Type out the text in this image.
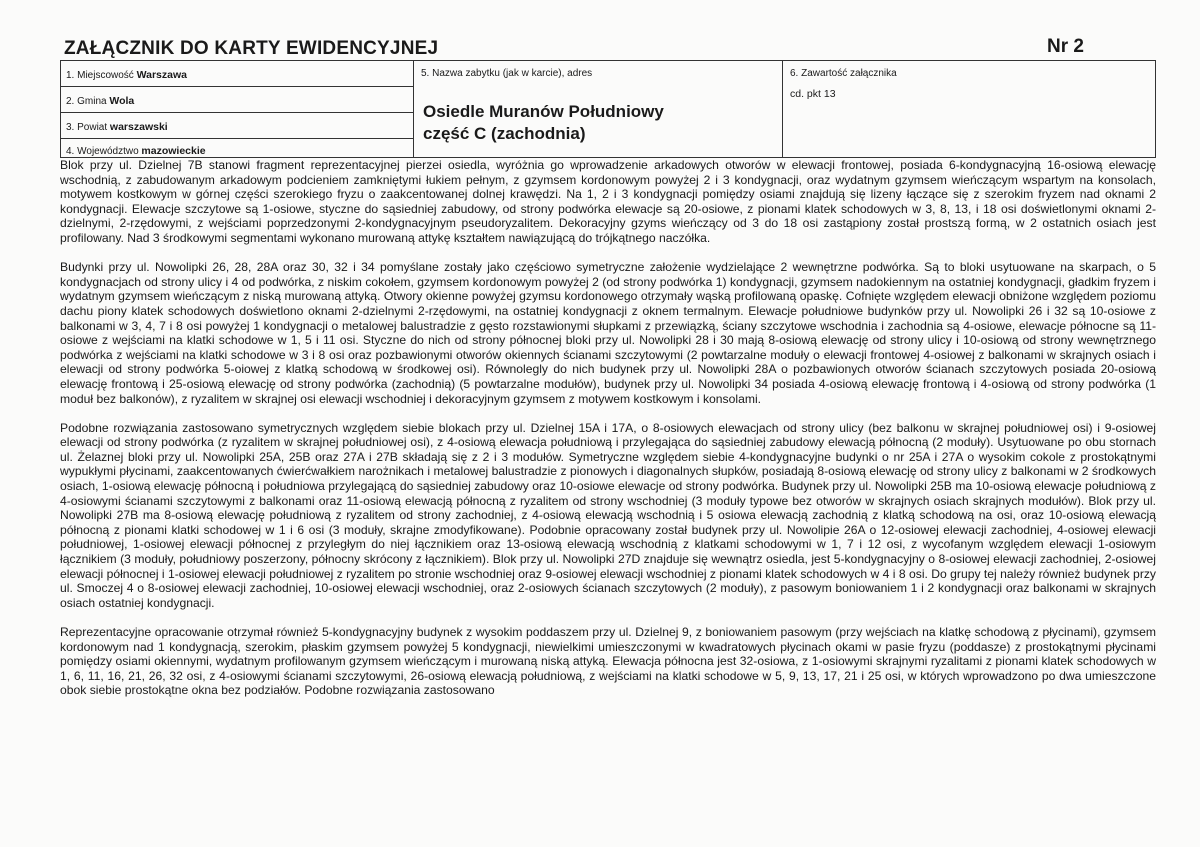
ZAŁĄCZNIK DO KARTY EWIDENCYJNEJ	Nr 2
1. Miejscowość Warszawa
2. Gmina Wola
3. Powiat warszawski
4. Województwo mazowieckie
5. Nazwa zabytku (jak w karcie), adres
Osiedle Muranów Południowy
część C (zachodnia)
6. Zawartość załącznika
cd. pkt 13

Blok przy ul. Dzielnej 7B stanowi fragment reprezentacyjnej pierzei osiedla, wyróżnia go wprowadzenie arkadowych otworów w elewacji frontowej, posiada 6-kondygnacyjną 16-osiową elewację wschodnią, z zabudowanym arkadowym podcieniem zamkniętymi łukiem pełnym, z gzymsem kordonowym powyżej 2 i 3 kondygnacji, oraz wydatnym gzymsem wieńczącym wspartym na konsolach, motywem kostkowym w górnej części szerokiego fryzu o zaakcentowanej dolnej krawędzi. Na 1, 2 i 3 kondygnacji pomiędzy osiami znajdują się lizeny łączące się z szerokim fryzem nad oknami 2 kondygnacji. Elewacje szczytowe są 1-osiowe, styczne do sąsiedniej zabudowy, od strony podwórka elewacje są 20-osiowe, z pionami klatek schodowych w 3, 8, 13, i 18 osi doświetlonymi oknami 2-dzielnymi, 2-rzędowymi, z wejściami poprzedzonymi 2-kondygnacyjnym pseudoryzalitem. Dekoracyjny gzyms wieńczący od 3 do 18 osi zastąpiony został prostszą formą, w 2 ostatnich osiach jest profilowany. Nad 3 środkowymi segmentami wykonano murowaną attykę kształtem nawiązującą do trójkątnego naczółka.

Budynki przy ul. Nowolipki 26, 28, 28A oraz 30, 32 i 34 pomyślane zostały jako częściowo symetryczne założenie wydzielające 2 wewnętrzne podwórka. Są to bloki usytuowane na skarpach, o 5 kondygnacjach od strony ulicy i 4 od podwórka, z niskim cokołem, gzymsem kordonowym powyżej 2 (od strony podwórka 1) kondygnacji, gzymsem nadokiennym na ostatniej kondygnacji, gładkim fryzem i wydatnym gzymsem wieńczącym z niską murowaną attyką. Otwory okienne powyżej gzymsu kordonowego otrzymały wąską profilowaną opaskę. Cofnięte względem elewacji obniżone względem poziomu dachu piony klatek schodowych doświetlono oknami 2-dzielnymi 2-rzędowymi, na ostatniej kondygnacji z oknem termalnym. Elewacje południowe budynków przy ul. Nowolipki 26 i 32 są 10-osiowe z balkonami w 3, 4, 7 i 8 osi powyżej 1 kondygnacji o metalowej balustradzie z gęsto rozstawionymi słupkami z przewiązką, ściany szczytowe wschodnia i zachodnia są 4-osiowe, elewacje północne są 11-osiowe z wejściami na klatki schodowe w 1, 5 i 11 osi. Styczne do nich od strony północnej bloki przy ul. Nowolipki 28 i 30 mają 8-osiową elewację od strony ulicy i 10-osiową od strony wewnętrznego podwórka z wejściami na klatki schodowe w 3 i 8 osi oraz pozbawionymi otworów okiennych ścianami szczytowymi (2 powtarzalne moduły o elewacji frontowej 4-osiowej z balkonami w skrajnych osiach i elewacji od strony podwórka 5-oiowej z klatką schodową w środkowej osi). Równolegly do nich budynek przy ul. Nowolipki 28A o pozbawionych otworów ścianach szczytowych posiada 20-osiową elewację frontową i 25-osiową elewację od strony podwórka (zachodnią) (5 powtarzalne modułów), budynek przy ul. Nowolipki 34 posiada 4-osiową elewację frontową i 4-osiową od strony podwórka (1 moduł bez balkonów), z ryzalitem w skrajnej osi elewacji wschodniej i dekoracyjnym gzymsem z motywem kostkowym i konsolami.

Podobne rozwiązania zastosowano symetrycznych względem siebie blokach przy ul. Dzielnej 15A i 17A, o 8-osiowych elewacjach od strony ulicy (bez balkonu w skrajnej południowej osi) i 9-osiowej elewacji od strony podwórka (z ryzalitem w skrajnej południowej osi), z 4-osiową elewacja południową i przylegająca do sąsiedniej zabudowy elewacją północną (2 moduły). Usytuowane po obu stornach ul. Żelaznej bloki przy ul. Nowolipki 25A, 25B oraz 27A i 27B składają się z 2 i 3 modułów. Symetryczne względem siebie 4-kondygnacyjne budynki o nr 25A i 27A o wysokim cokole z prostokątnymi wypukłymi płycinami, zaakcentowanych ćwierćwałkiem narożnikach i metalowej balustradzie z pionowych i diagonalnych słupków, posiadają 8-osiową elewację od strony ulicy z balkonami w 2 środkowych osiach, 1-osiową elewację północną i południowa przylegającą do sąsiedniej zabudowy oraz 10-osiowe elewacje od strony podwórka. Budynek przy ul. Nowolipki 25B ma 10-osiową elewacje południową z 4-osiowymi ścianami szczytowymi z balkonami oraz 11-osiową elewacją północną z ryzalitem od strony wschodniej (3 moduły typowe bez otworów w skrajnych osiach skrajnych modułów). Blok przy ul. Nowolipki 27B ma 8-osiową elewację południową z ryzalitem od strony zachodniej, z 4-osiową elewacją wschodnią i 5 osiowa elewacją zachodnią z klatką schodową na osi, oraz 10-osiową elewacją północną z pionami klatki schodowej w 1 i 6 osi (3 moduły, skrajne zmodyfikowane). Podobnie opracowany został budynek przy ul. Nowolipie 26A o 12-osiowej elewacji zachodniej, 4-osiowej elewacji południowej, 1-osiowej elewacji północnej z przyległym do niej łącznikiem oraz 13-osiową elewacją wschodnią z klatkami schodowymi w 1, 7 i 12 osi, z wycofanym względem elewacji 1-osiowym łącznikiem (3 moduły, południowy poszerzony, północny skrócony z łącznikiem). Blok przy ul. Nowolipki 27D znajduje się wewnątrz osiedla, jest 5-kondygnacyjny o 8-osiowej elewacji zachodniej, 2-osiowej elewacji północnej i 1-osiowej elewacji południowej z ryzalitem po stronie wschodniej oraz 9-osiowej elewacji wschodniej z pionami klatek schodowych w 4 i 8 osi. Do grupy tej należy również budynek przy ul. Smoczej 4 o 8-osiowej elewacji zachodniej, 10-osiowej elewacji wschodniej, oraz 2-osiowych ścianach szczytowych (2 moduły), z pasowym boniowaniem 1 i 2 kondygnacji oraz balkonami w skrajnych osiach ostatniej kondygnacji.

Reprezentacyjne opracowanie otrzymał również 5-kondygnacyjny budynek z wysokim poddaszem przy ul. Dzielnej 9, z boniowaniem pasowym (przy wejściach na klatkę schodową z płycinami), gzymsem kordonowym nad 1 kondygnacją, szerokim, płaskim gzymsem powyżej 5 kondygnacji, niewielkimi umieszczonymi w kwadratowych płycinach okami w pasie fryzu (poddasze) z prostokątnymi płycinami pomiędzy osiami okiennymi, wydatnym profilowanym gzymsem wieńczącym i murowaną niską attyką. Elewacja północna jest 32-osiowa, z 1-osiowymi skrajnymi ryzalitami z pionami klatek schodowych w 1, 6, 11, 16, 21, 26, 32 osi, z 4-osiowymi ścianami szczytowymi, 26-osiową elewacją południową, z wejściami na klatki schodowe w 5, 9, 13, 17, 21 i 25 osi, w których wprowadzono po dwa umieszczone obok siebie prostokątne okna bez podziałów. Podobne rozwiązania zastosowano
